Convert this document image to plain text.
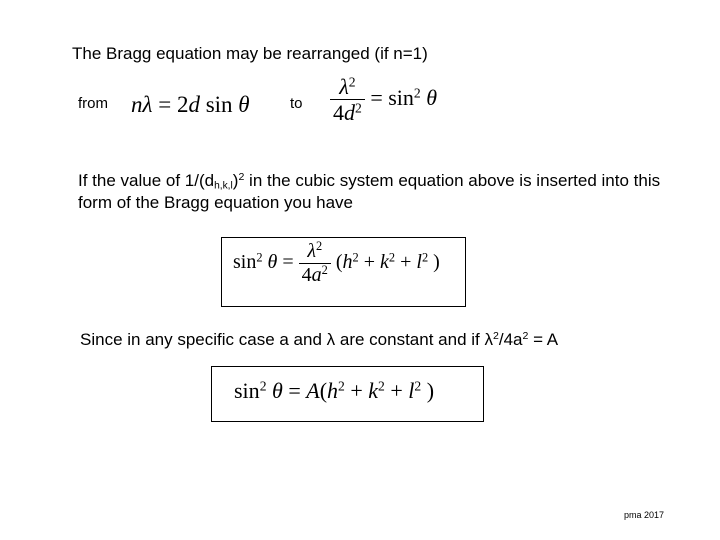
The Bragg equation may be rearranged (if n=1)
from nλ = 2d sin θ	to $\frac{\lambda^2}{4d^2} = \sin^2 \theta$
If the value of $1/(d_{h,k,l})^2$ in the cubic system equation above is inserted into this form of the Bragg equation you have
$\sin^2 \theta = \frac{\lambda^2}{4a^2} (h^2 + k^2 + l^2$ )
Since in any specific case a and λ are constant and if $\lambda^2/4a^2 = A$
$\sin^2 \theta = A(h^2 + k^2 + l^2$ )
pma 2017
